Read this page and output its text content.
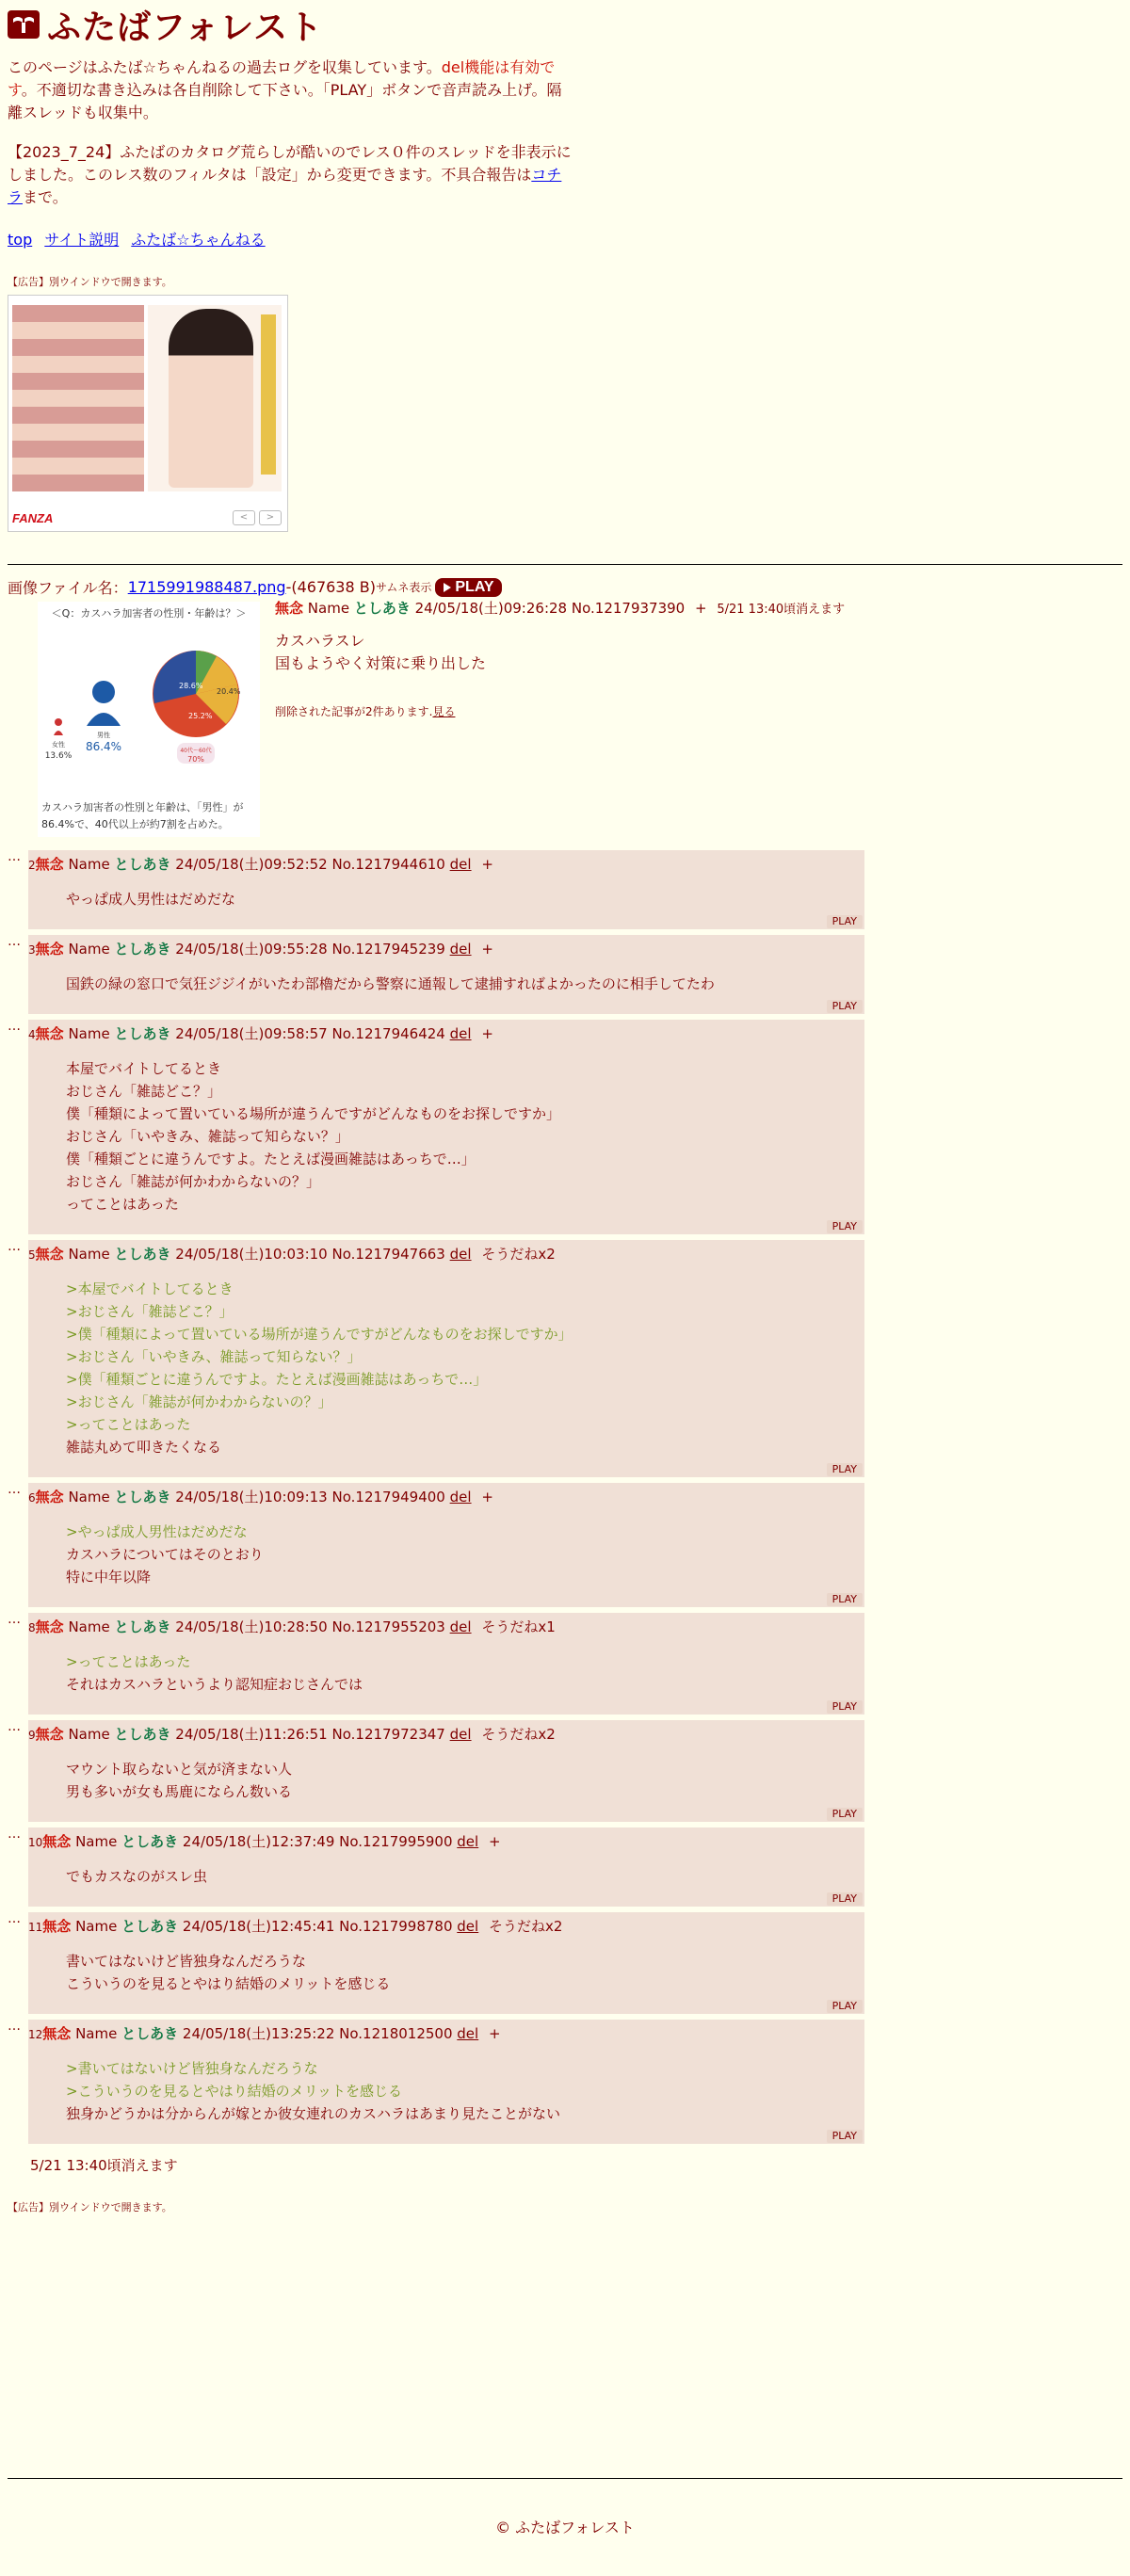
ふたばフォレスト

このページはふたば☆ちゃんねるの過去ログを収集しています。del機能は有効です。不適切な書き込みは各自削除して下さい。「PLAY」ボタンで音声読み上げ。隔離スレッドも収集中。

【2023_7_24】ふたばのカタログ荒らしが酷いのでレス０件のスレッドを非表示にしました。このレス数のフィルタは「設定」から変更できます。不具合報告はコチラまで。

top サイト説明 ふたば☆ちゃんねる
【広告】別ウインドウで開きます。
FANZA	<	>
画像ファイル名： 1715991988487.png -(467638 B) サムネ表示 PLAY
＜Q：カスハラ加害者の性別・年齢は？＞
女性
13.6%
男性
86.4%
28.6%
25.2%
20.4%
40代〜60代
70%
カスハラ加害者の性別と年齢は、「男性」が86.4%で、40代以上が約7割を占めた。
無念 Name としあき 24/05/18(土)09:26:28 No.1217937390 + 5/21 13:40頃消えます
カスハラスレ
国もようやく対策に乗り出した
削除された記事が2件あります.見る
…
2無念 Name としあき 24/05/18(土)09:52:52 No.1217944610 del +
やっぱ成人男性はだめだな
PLAY
…
3無念 Name としあき 24/05/18(土)09:55:28 No.1217945239 del +
国鉄の緑の窓口で気狂ジジイがいたわ部櫓だから警察に通報して逮捕すればよかったのに相手してたわ
PLAY
…
4無念 Name としあき 24/05/18(土)09:58:57 No.1217946424 del +
本屋でバイトしてるとき
おじさん「雑誌どこ？」
僕「種類によって置いている場所が違うんですがどんなものをお探しですか」
おじさん「いやきみ、雑誌って知らない？」
僕「種類ごとに違うんですよ。たとえば漫画雑誌はあっちで…」
おじさん「雑誌が何かわからないの？」
ってことはあった
PLAY
…
5無念 Name としあき 24/05/18(土)10:03:10 No.1217947663 del そうだねx2
>本屋でバイトしてるとき
>おじさん「雑誌どこ？」
>僕「種類によって置いている場所が違うんですがどんなものをお探しですか」
>おじさん「いやきみ、雑誌って知らない？」
>僕「種類ごとに違うんですよ。たとえば漫画雑誌はあっちで…」
>おじさん「雑誌が何かわからないの？」
>ってことはあった
雑誌丸めて叩きたくなる
PLAY
…
6無念 Name としあき 24/05/18(土)10:09:13 No.1217949400 del +
>やっぱ成人男性はだめだな
カスハラについてはそのとおり
特に中年以降
PLAY
…
8無念 Name としあき 24/05/18(土)10:28:50 No.1217955203 del そうだねx1
>ってことはあった
それはカスハラというより認知症おじさんでは
PLAY
…
9無念 Name としあき 24/05/18(土)11:26:51 No.1217972347 del そうだねx2
マウント取らないと気が済まない人
男も多いが女も馬鹿にならん数いる
PLAY
…
10無念 Name としあき 24/05/18(土)12:37:49 No.1217995900 del +
でもカスなのがスレ虫
PLAY
…
11無念 Name としあき 24/05/18(土)12:45:41 No.1217998780 del そうだねx2
書いてはないけど皆独身なんだろうな
こういうのを見るとやはり結婚のメリットを感じる
PLAY
…
12無念 Name としあき 24/05/18(土)13:25:22 No.1218012500 del +
>書いてはないけど皆独身なんだろうな
>こういうのを見るとやはり結婚のメリットを感じる
独身かどうかは分からんが嫁とか彼女連れのカスハラはあまり見たことがない
PLAY
5/21 13:40頃消えます
【広告】別ウインドウで開きます。
© ふたばフォレスト
